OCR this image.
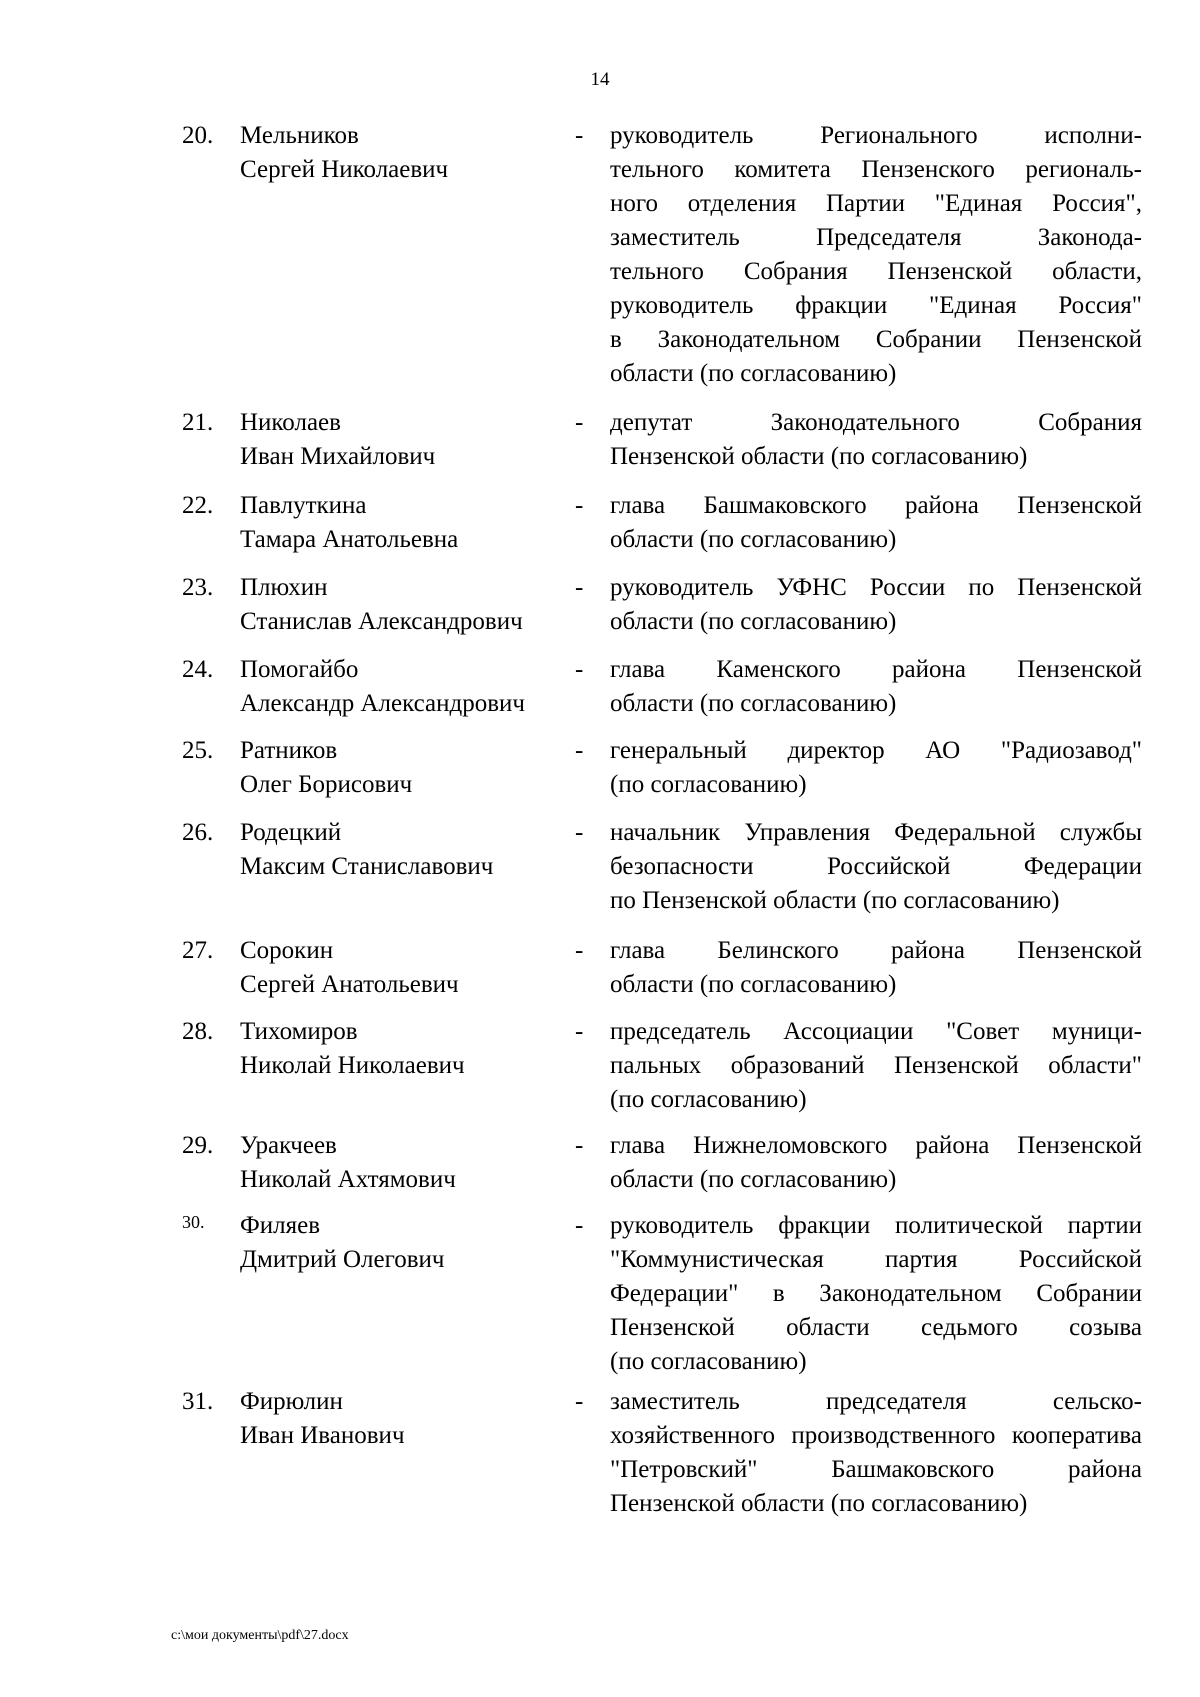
14
20.	Мельников
Сергей Николаевич
- руководитель Регионального исполни-
тельного комитета Пензенского региональ-
ного отделения Партии "Единая Россия",
заместитель Председателя Законода-
тельного Собрания Пензенской области,
руководитель фракции "Единая Россия"
в Законодательном Собрании Пензенской
области (по согласованию)
21.	Николаев
Иван Михайлович
- депутат Законодательного Собрания
Пензенской области (по согласованию)
22.	Павлуткина
Тамара Анатольевна
- глава Башмаковского района Пензенской
области (по согласованию)
23.	Плюхин
Станислав Александрович
- руководитель УФНС России по Пензенской
области (по согласованию)
24.	Помогайбо
Александр Александрович
- глава Каменского района Пензенской
области (по согласованию)
25.	Ратников
Олег Борисович
- генеральный директор АО "Радиозавод"
(по согласованию)
26.	Родецкий
Максим Станиславович
- начальник Управления Федеральной службы
безопасности Российской Федерации
по Пензенской области (по согласованию)
27.	Сорокин
Сергей Анатольевич
- глава Белинского района Пензенской
области (по согласованию)
28.	Тихомиров
Николай Николаевич
- председатель Ассоциации "Совет муници-
пальных образований Пензенской области"
(по согласованию)
29.	Уракчеев
Николай Ахтямович
- глава Нижнеломовского района Пензенской
области (по согласованию)
30.	Филяев
Дмитрий Олегович
- руководитель фракции политической партии
"Коммунистическая партия Российской
Федерации" в Законодательном Собрании
Пензенской области седьмого созыва
(по согласованию)
31.	Фирюлин
Иван Иванович
- заместитель председателя сельско-
хозяйственного производственного кооператива
"Петровский" Башмаковского района
Пензенской области (по согласованию)
c:\мои документы\pdf\27.docx
